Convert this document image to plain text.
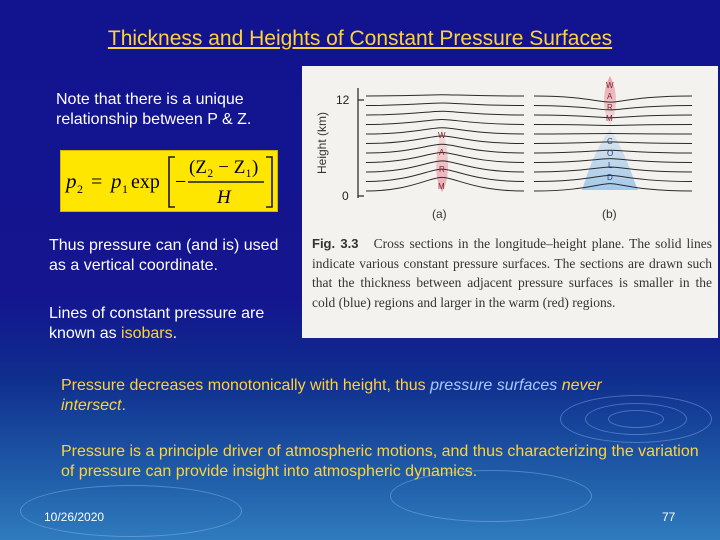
Thickness and Heights of Constant Pressure Surfaces
Note that there is a unique relationship between P & Z.
p 2 = p 1 exp −
(Z₂ − Z₁)
H
Thus pressure can (and is) used as a vertical coordinate.
Lines of constant pressure are known as isobars.
Height (km)
12
0
W
A
R
M
W
A
R
M
C
O
L
D
(a)	(b)
Fig. 3.3 Cross sections in the longitude–height plane. The solid lines indicate various constant pressure surfaces. The sections are drawn such that the thickness between adjacent pressure surfaces is smaller in the cold (blue) regions and larger in the warm (red) regions.
Pressure decreases monotonically with height, thus pressure surfaces never intersect.
Pressure is a principle driver of atmospheric motions, and thus characterizing the variation of pressure can provide insight into atmospheric dynamics.
10/26/2020	77
